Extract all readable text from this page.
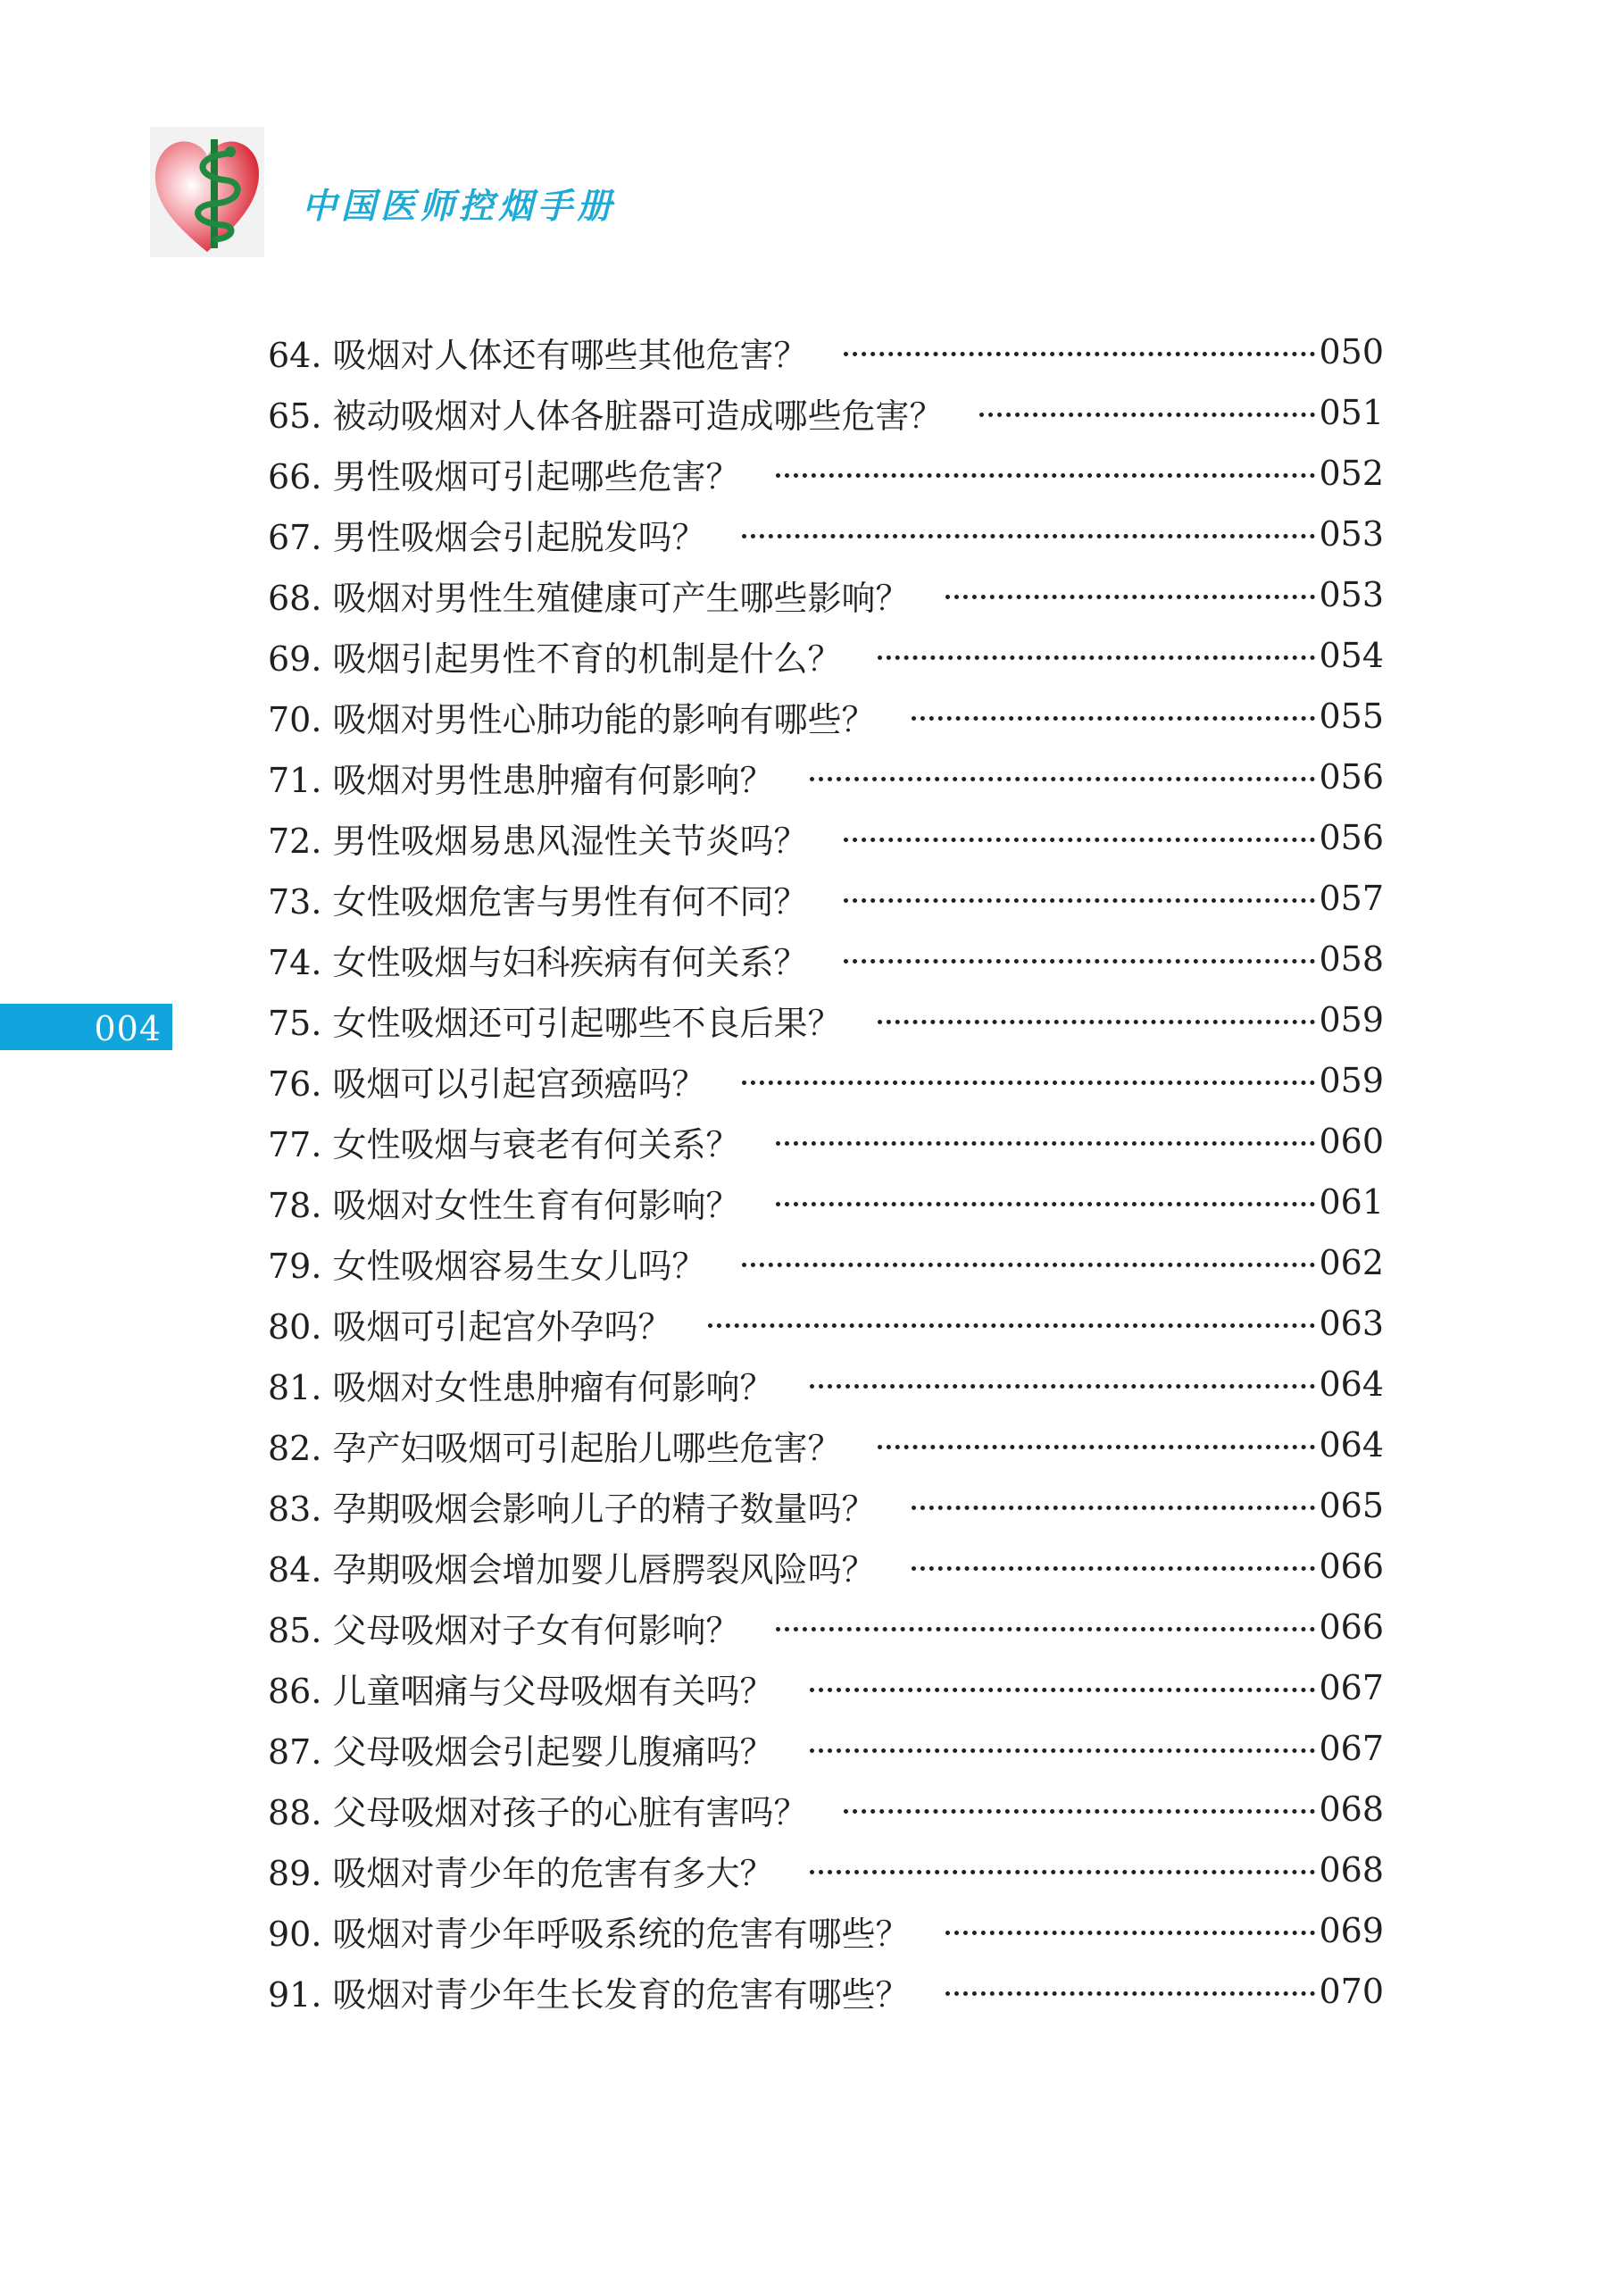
中国医师控烟手册
004
64. 吸烟对人体还有哪些其他危害？	050
65. 被动吸烟对人体各脏器可造成哪些危害？	051
66. 男性吸烟可引起哪些危害？	052
67. 男性吸烟会引起脱发吗？	053
68. 吸烟对男性生殖健康可产生哪些影响？	053
69. 吸烟引起男性不育的机制是什么？	054
70. 吸烟对男性心肺功能的影响有哪些？	055
71. 吸烟对男性患肿瘤有何影响？	056
72. 男性吸烟易患风湿性关节炎吗？	056
73. 女性吸烟危害与男性有何不同？	057
74. 女性吸烟与妇科疾病有何关系？	058
75. 女性吸烟还可引起哪些不良后果？	059
76. 吸烟可以引起宫颈癌吗？	059
77. 女性吸烟与衰老有何关系？	060
78. 吸烟对女性生育有何影响？	061
79. 女性吸烟容易生女儿吗？	062
80. 吸烟可引起宫外孕吗？	063
81. 吸烟对女性患肿瘤有何影响？	064
82. 孕产妇吸烟可引起胎儿哪些危害？	064
83. 孕期吸烟会影响儿子的精子数量吗？	065
84. 孕期吸烟会增加婴儿唇腭裂风险吗？	066
85. 父母吸烟对子女有何影响？	066
86. 儿童咽痛与父母吸烟有关吗？	067
87. 父母吸烟会引起婴儿腹痛吗？	067
88. 父母吸烟对孩子的心脏有害吗？	068
89. 吸烟对青少年的危害有多大？	068
90. 吸烟对青少年呼吸系统的危害有哪些？	069
91. 吸烟对青少年生长发育的危害有哪些？	070
